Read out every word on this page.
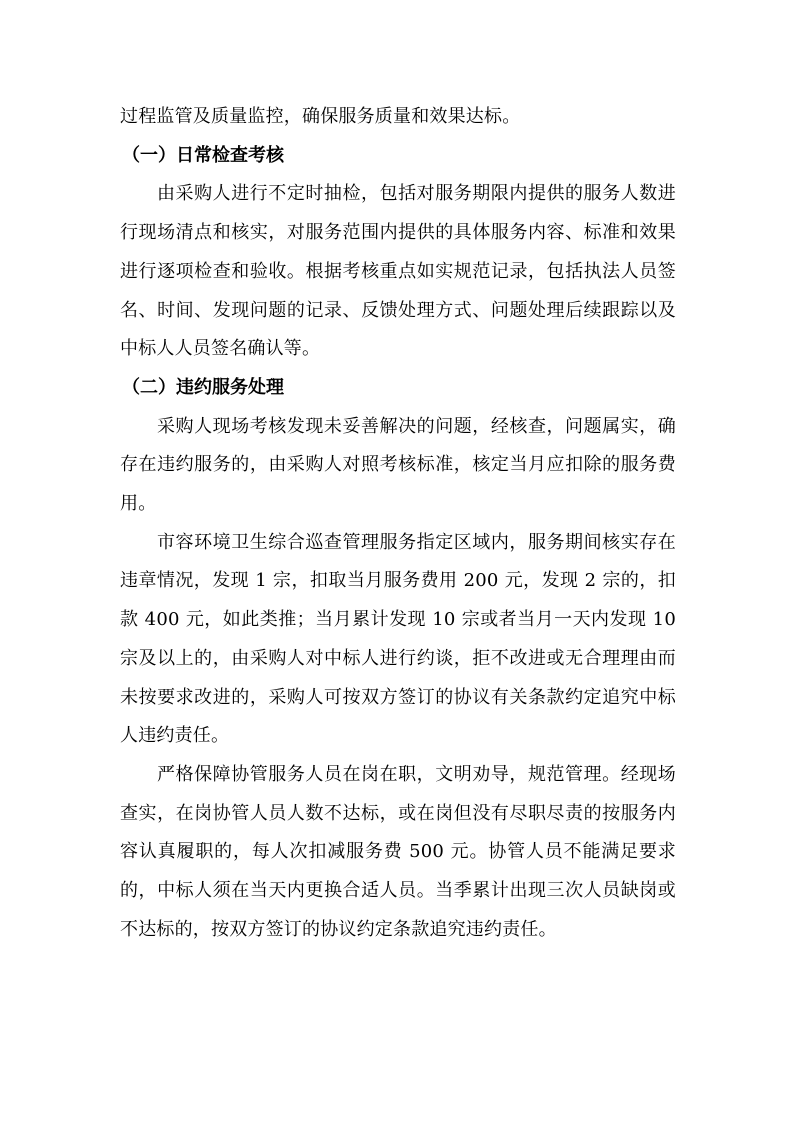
过程监管及质量监控，确保服务质量和效果达标。

（一）日常检查考核

由采购人进行不定时抽检，包括对服务期限内提供的服务人数进行现场清点和核实，对服务范围内提供的具体服务内容、标准和效果进行逐项检查和验收。根据考核重点如实规范记录，包括执法人员签名、时间、发现问题的记录、反馈处理方式、问题处理后续跟踪以及中标人人员签名确认等。

（二）违约服务处理

采购人现场考核发现未妥善解决的问题，经核查，问题属实，确存在违约服务的，由采购人对照考核标准，核定当月应扣除的服务费用。

市容环境卫生综合巡查管理服务指定区域内，服务期间核实存在违章情况，发现 1 宗，扣取当月服务费用 200 元，发现 2 宗的，扣款 400 元，如此类推；当月累计发现 10 宗或者当月一天内发现 10 宗及以上的，由采购人对中标人进行约谈，拒不改进或无合理理由而未按要求改进的，采购人可按双方签订的协议有关条款约定追究中标人违约责任。

严格保障协管服务人员在岗在职，文明劝导，规范管理。经现场查实，在岗协管人员人数不达标，或在岗但没有尽职尽责的按服务内容认真履职的，每人次扣减服务费 500 元。协管人员不能满足要求的，中标人须在当天内更换合适人员。当季累计出现三次人员缺岗或不达标的，按双方签订的协议约定条款追究违约责任。
